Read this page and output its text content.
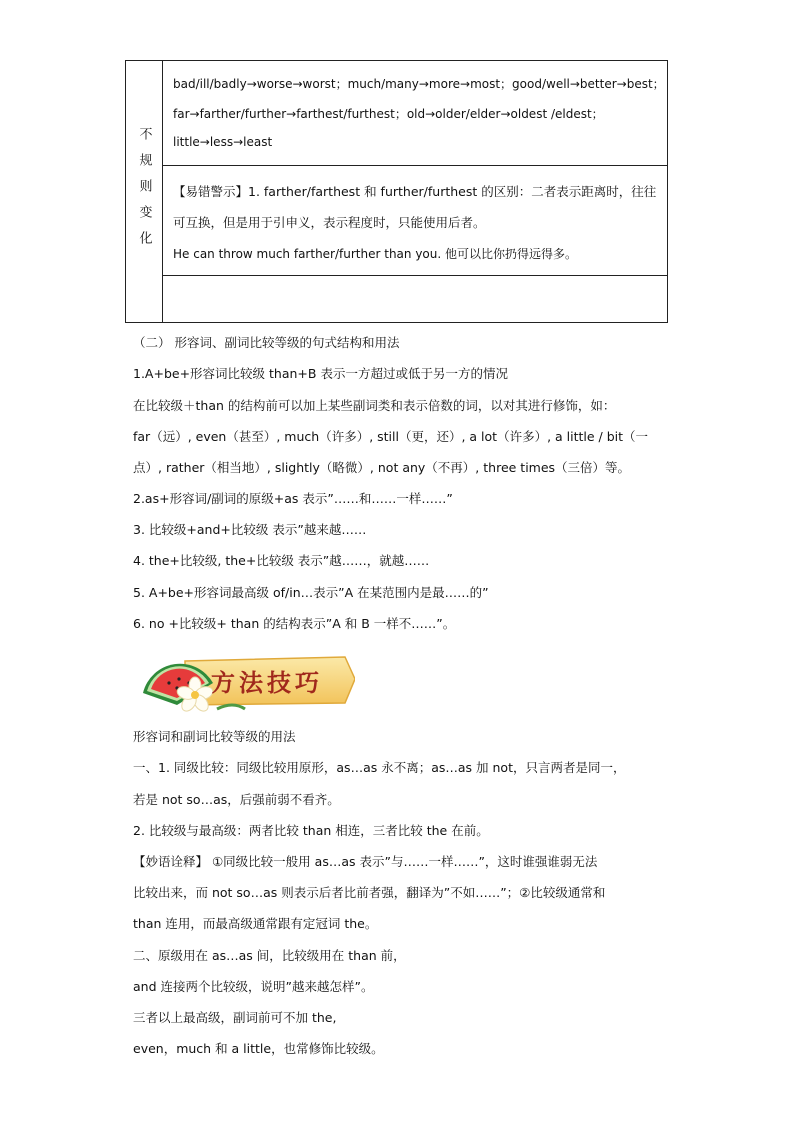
不规则变化
bad/ill/badly→worse→worst；much/many→more→most；good/well→better→best；
far→farther/further→farthest/furthest；old→older/elder→oldest /eldest；
little→less→least
【易错警示】1. farther/farthest 和 further/furthest 的区别：二者表示距离时，往往
可互换，但是用于引申义，表示程度时，只能使用后者。
He can throw much farther/further than you. 他可以比你扔得远得多。
（二） 形容词、副词比较等级的句式结构和用法
1.A+be+形容词比较级 than+B 表示一方超过或低于另一方的情况
在比较级＋than 的结构前可以加上某些副词类和表示倍数的词，以对其进行修饰，如：
far（远）, even（甚至）, much（许多）, still（更，还）, a lot（许多）, a little / bit（一
点）, rather（相当地）, slightly（略微）, not any（不再）, three times（三倍）等。
2.as+形容词/副词的原级+as 表示”……和……一样……”
3. 比较级+and+比较级 表示”越来越……
4. the+比较级, the+比较级 表示”越……，就越……
5. A+be+形容词最高级 of/in…表示”A 在某范围内是最……的”
6. no +比较级+ than 的结构表示”A 和 B 一样不……”。
方法技巧
形容词和副词比较等级的用法
一、1. 同级比较：同级比较用原形，as…as 永不离；as…as 加 not，只言两者是同一，
若是 not so…as，后强前弱不看齐。
2. 比较级与最高级：两者比较 than 相连，三者比较 the 在前。
【妙语诠释】 ①同级比较一般用 as…as 表示”与……一样……”，这时谁强谁弱无法
比较出来，而 not so…as 则表示后者比前者强，翻译为”不如……”；②比较级通常和
than 连用，而最高级通常跟有定冠词 the。
二、原级用在 as…as 间，比较级用在 than 前，
and 连接两个比较级，说明”越来越怎样”。
三者以上最高级，副词前可不加 the,
even，much 和 a little，也常修饰比较级。
